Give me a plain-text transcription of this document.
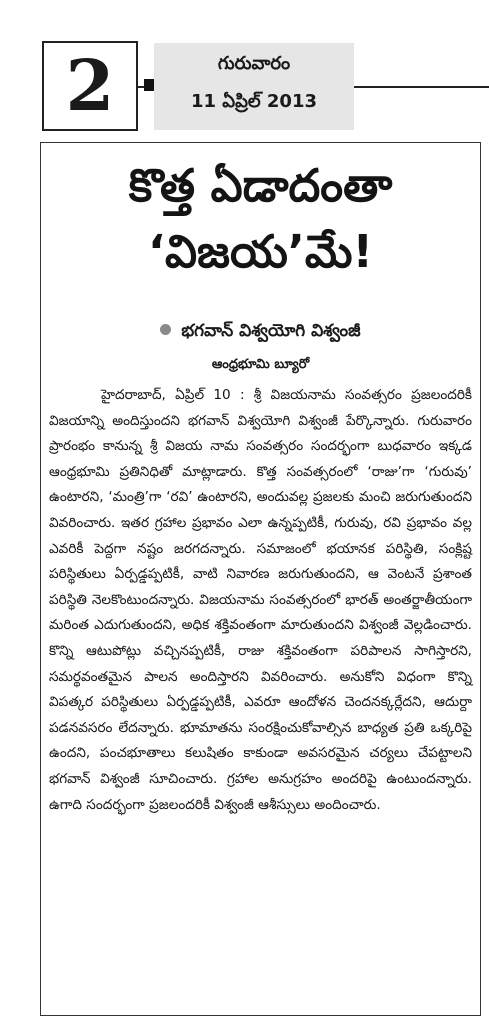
2	గురువారం
11 ఏప్రిల్ 2013
కొత్త ఏడాదంతా ‘విజయ’మే!
భగవాన్ విశ్వయోగి విశ్వంజీ
ఆంధ్రభూమి బ్యూరో
హైదరాబాద్, ఏప్రిల్ 10 : శ్రీ విజయనామ సంవత్సరం ప్రజలందరికీ విజయాన్ని అందిస్తుందని భగవాన్ విశ్వయోగి విశ్వంజీ పేర్కొన్నారు. గురువారం ప్రారంభం కానున్న శ్రీ విజయ నామ సంవత్సరం సందర్భంగా బుధవారం ఇక్కడ ఆంధ్రభూమి ప్రతినిధితో మాట్లాడారు. కొత్త సంవత్సరంలో ‘రాజు’గా ‘గురువు’ ఉంటారని, ‘మంత్రి’గా ‘రవి’ ఉంటారని, అందువల్ల ప్రజలకు మంచి జరుగుతుందని వివరించారు. ఇతర గ్రహాల ప్రభావం ఎలా ఉన్నప్పటికీ, గురువు, రవి ప్రభావం వల్ల ఎవరికీ పెద్దగా నష్టం జరగదన్నారు. సమాజంలో భయానక పరిస్థితి, సంక్లిష్ట పరిస్థితులు ఏర్పడ్డప్పటికీ, వాటి నివారణ జరుగుతుందని, ఆ వెంటనే ప్రశాంత పరిస్థితి నెలకొంటుందన్నారు. విజయనామ సంవత్సరంలో భారత్ అంతర్జాతీయంగా మరింత ఎదుగుతుందని, అధిక శక్తివంతంగా మారుతుందని విశ్వంజీ వెల్లడించారు. కొన్ని ఆటుపోట్లు వచ్చినప్పటికీ, రాజు శక్తివంతంగా పరిపాలన సాగిస్తారని, సమర్థవంతమైన పాలన అందిస్తారని వివరించారు. అనుకోని విధంగా కొన్ని విపత్కర పరిస్థితులు ఏర్పడ్డప్పటికీ, ఎవరూ ఆందోళన చెందనక్కర్లేదని, ఆదుర్దా పడనవసరం లేదన్నారు. భూమాతను సంరక్షించుకోవాల్సిన బాధ్యత ప్రతి ఒక్కరిపై ఉందని, పంచభూతాలు కలుషితం కాకుండా అవసరమైన చర్యలు చేపట్టాలని భగవాన్ విశ్వంజీ సూచించారు. గ్రహాల అనుగ్రహం అందరిపై ఉంటుందన్నారు. ఉగాది సందర్భంగా ప్రజలందరికీ విశ్వంజీ ఆశీస్సులు అందించారు.
